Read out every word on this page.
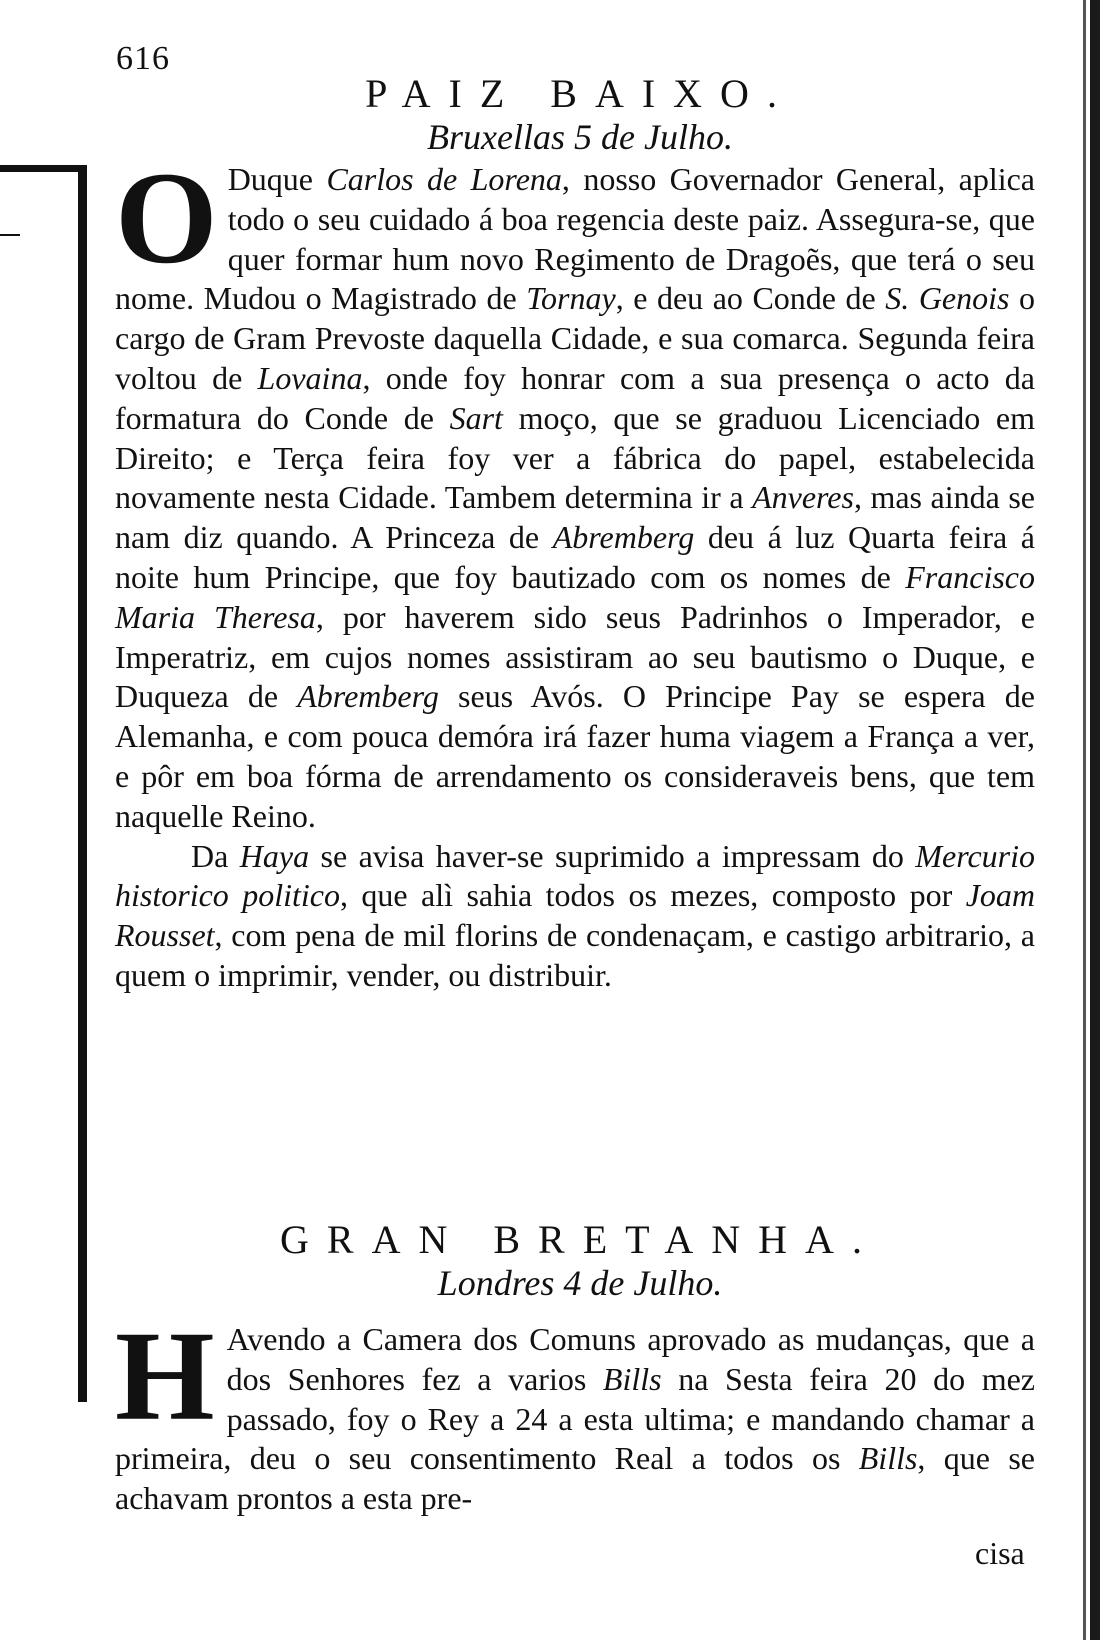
616
PAIZ BAIXO.
Bruxellas 5 de Julho.

O Duque Carlos de Lorena, nosso Governador General, aplica todo o seu cuidado á boa regencia deste paiz. Assegura-se, que quer formar hum novo Regimento de Dragoẽs, que terá o seu nome. Mudou o Magistrado de Tornay, e deu ao Conde de S. Genois o cargo de Gram Prevoste daquella Cidade, e sua comarca. Segunda feira voltou de Lovaina, onde foy honrar com a sua presença o acto da formatura do Conde de Sart moço, que se graduou Licenciado em Direito; e Terça feira foy ver a fábrica do papel, estabelecida novamente nesta Cidade. Tambem determina ir a Anveres, mas ainda se nam diz quando. A Princeza de Abremberg deu á luz Quarta feira á noite hum Principe, que foy bautizado com os nomes de Francisco Maria Theresa, por haverem sido seus Padrinhos o Imperador, e Imperatriz, em cujos nomes assistiram ao seu bautismo o Duque, e Duqueza de Abremberg seus Avós. O Principe Pay se espera de Alemanha, e com pouca demóra irá fazer huma viagem a França a ver, e pôr em boa fórma de arrendamento os consideraveis bens, que tem naquelle Reino.

Da Haya se avisa haver-se suprimido a impressam do Mercurio historico politico, que alì sahia todos os mezes, composto por Joam Rousset, com pena de mil florins de condenaçam, e castigo arbitrario, a quem o imprimir, vender, ou distribuir.

GRAN BRETANHA.
Londres 4 de Julho.

H Avendo a Camera dos Comuns aprovado as mudanças, que a dos Senhores fez a varios Bills na Sesta feira 20 do mez passado, foy o Rey a 24 a esta ultima; e mandando chamar a primeira, deu o seu consentimento Real a todos os Bills, que se achavam prontos a esta pre-

cisa
